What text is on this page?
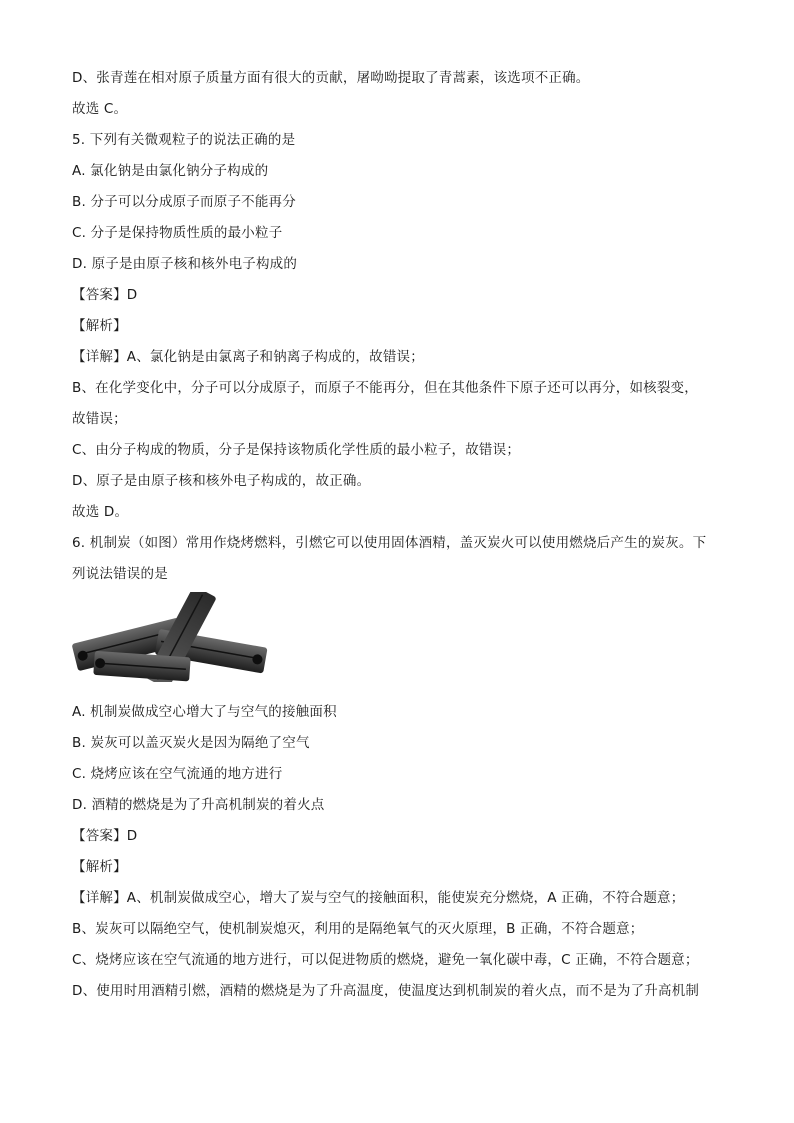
D、张青莲在相对原子质量方面有很大的贡献，屠呦呦提取了青蒿素，该选项不正确。
故选 C。
5. 下列有关微观粒子的说法正确的是
A. 氯化钠是由氯化钠分子构成的
B. 分子可以分成原子而原子不能再分
C. 分子是保持物质性质的最小粒子
D. 原子是由原子核和核外电子构成的
【答案】D
【解析】
【详解】A、氯化钠是由氯离子和钠离子构成的，故错误；
B、在化学变化中，分子可以分成原子，而原子不能再分，但在其他条件下原子还可以再分，如核裂变，
故错误；
C、由分子构成的物质，分子是保持该物质化学性质的最小粒子，故错误；
D、原子是由原子核和核外电子构成的，故正确。
故选 D。
6. 机制炭（如图）常用作烧烤燃料，引燃它可以使用固体酒精，盖灭炭火可以使用燃烧后产生的炭灰。下
列说法错误的是
A. 机制炭做成空心增大了与空气的接触面积
B. 炭灰可以盖灭炭火是因为隔绝了空气
C. 烧烤应该在空气流通的地方进行
D. 酒精的燃烧是为了升高机制炭的着火点
【答案】D
【解析】
【详解】A、机制炭做成空心，增大了炭与空气的接触面积，能使炭充分燃烧，A 正确，不符合题意；
B、炭灰可以隔绝空气，使机制炭熄灭，利用的是隔绝氧气的灭火原理，B 正确，不符合题意；
C、烧烤应该在空气流通的地方进行，可以促进物质的燃烧，避免一氧化碳中毒，C 正确，不符合题意；
D、使用时用酒精引燃，酒精的燃烧是为了升高温度，使温度达到机制炭的着火点，而不是为了升高机制
